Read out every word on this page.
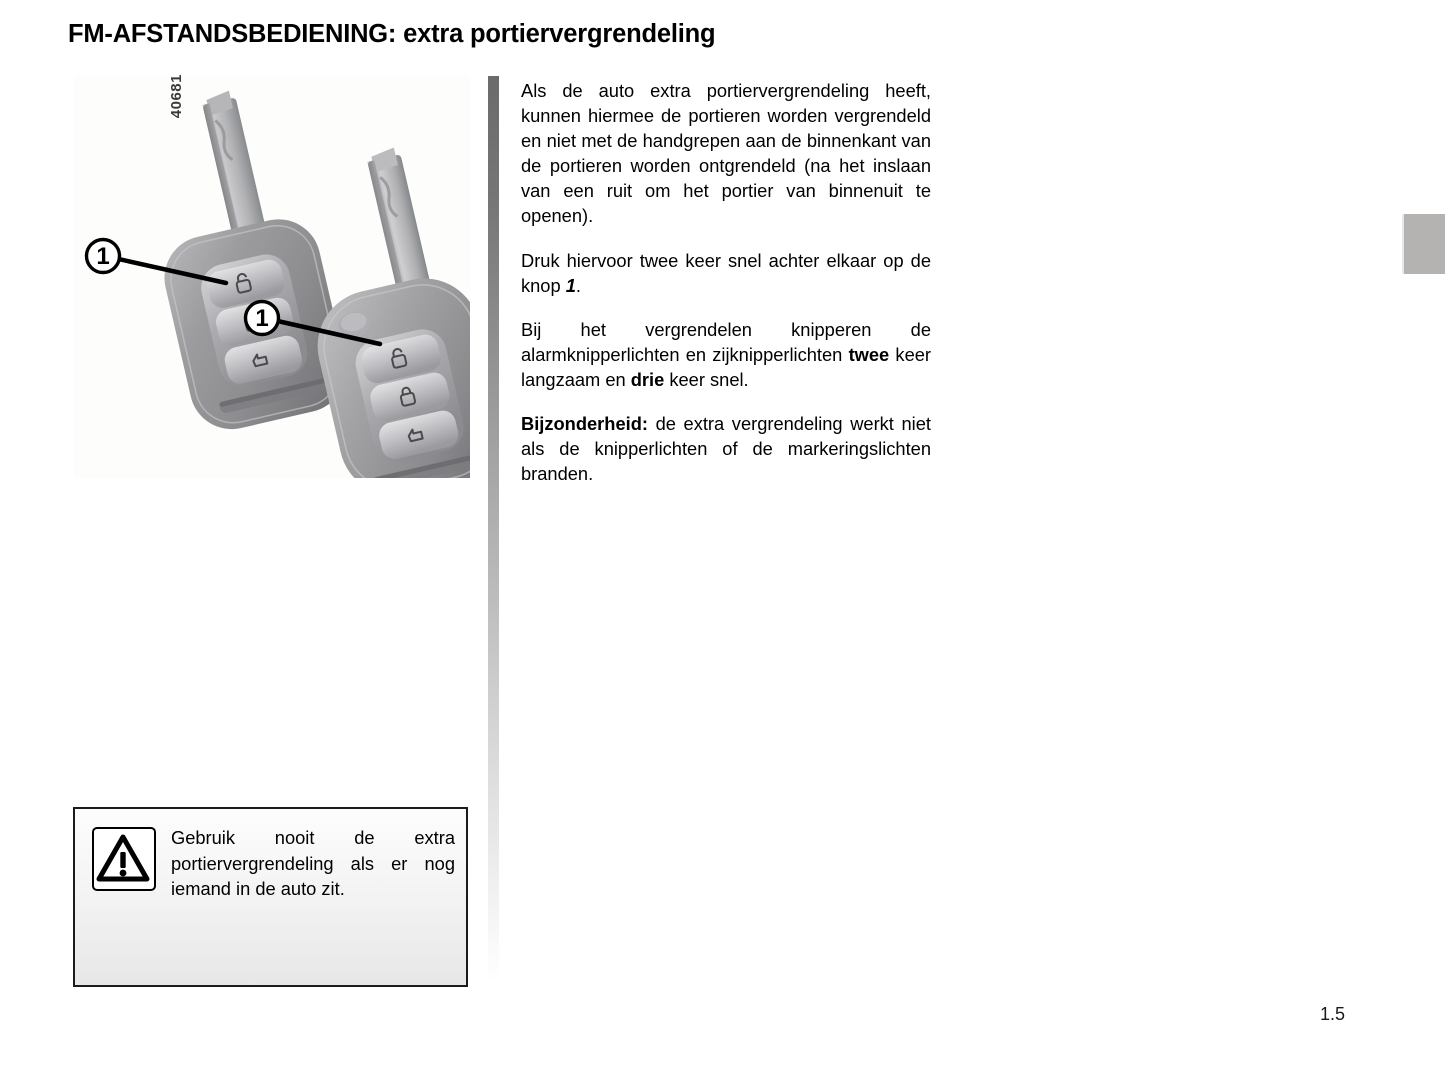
FM-AFSTANDSBEDIENING: extra portiervergrendeling
40681
1
1

Als de auto extra portiervergrendeling heeft, kunnen hiermee de portieren worden vergrendeld en niet met de handgrepen aan de binnenkant van de portieren worden ontgrendeld (na het inslaan van een ruit om het portier van binnenuit te openen).

Druk hiervoor twee keer snel achter elkaar op de knop 1.

Bij het vergrendelen knipperen de alarmknipperlichten en zijknipperlichten twee keer langzaam en drie keer snel.

Bijzonderheid: de extra vergrendeling werkt niet als de knipperlichten of de markeringslichten branden.

Gebruik nooit de extra portiervergrendeling als er nog iemand in de auto zit.
1.5
